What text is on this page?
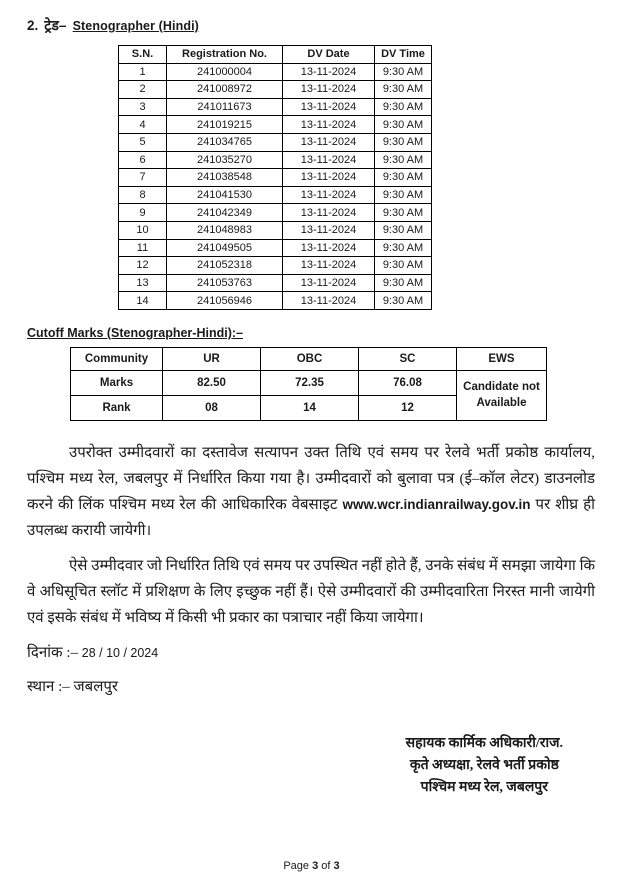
2. ट्रेड– Stenographer (Hindi)
S.N.	Registration No.	DV Date	DV Time
1	241000004	13-11-2024	9:30 AM
2	241008972	13-11-2024	9:30 AM
3	241011673	13-11-2024	9:30 AM
4	241019215	13-11-2024	9:30 AM
5	241034765	13-11-2024	9:30 AM
6	241035270	13-11-2024	9:30 AM
7	241038548	13-11-2024	9:30 AM
8	241041530	13-11-2024	9:30 AM
9	241042349	13-11-2024	9:30 AM
10	241048983	13-11-2024	9:30 AM
11	241049505	13-11-2024	9:30 AM
12	241052318	13-11-2024	9:30 AM
13	241053763	13-11-2024	9:30 AM
14	241056946	13-11-2024	9:30 AM
Cutoff Marks (Stenographer-Hindi):–
Community	UR	OBC	SC	EWS
Marks	82.50	72.35	76.08	Candidate not Available
Rank	08	14	12	

उपरोक्त उम्मीदवारों का दस्तावेज सत्यापन उक्त तिथि एवं समय पर रेलवे भर्ती प्रकोष्ठ कार्यालय, पश्चिम मध्य रेल, जबलपुर में निर्धारित किया गया है। उम्मीदवारों को बुलावा पत्र (ई–कॉल लेटर) डाउनलोड करने की लिंक पश्चिम मध्य रेल की आधिकारिक वेबसाइट www.wcr.indianrailway.gov.in पर शीघ्र ही उपलब्ध करायी जायेगी।

ऐसे उम्मीदवार जो निर्धारित तिथि एवं समय पर उपस्थित नहीं होते हैं, उनके संबंध में समझा जायेगा कि वे अधिसूचित स्लॉट में प्रशिक्षण के लिए इच्छुक नहीं हैं। ऐसे उम्मीदवारों की उम्मीदवारिता निरस्त मानी जायेगी एवं इसके संबंध में भविष्य में किसी भी प्रकार का पत्राचार नहीं किया जायेगा।

दिनांक :– 28 / 10 / 2024
स्थान :– जबलपुर
सहायक कार्मिक अधिकारी/राज.
कृते अध्यक्षा, रेलवे भर्ती प्रकोष्ठ
पश्चिम मध्य रेल, जबलपुर
Page 3 of 3
